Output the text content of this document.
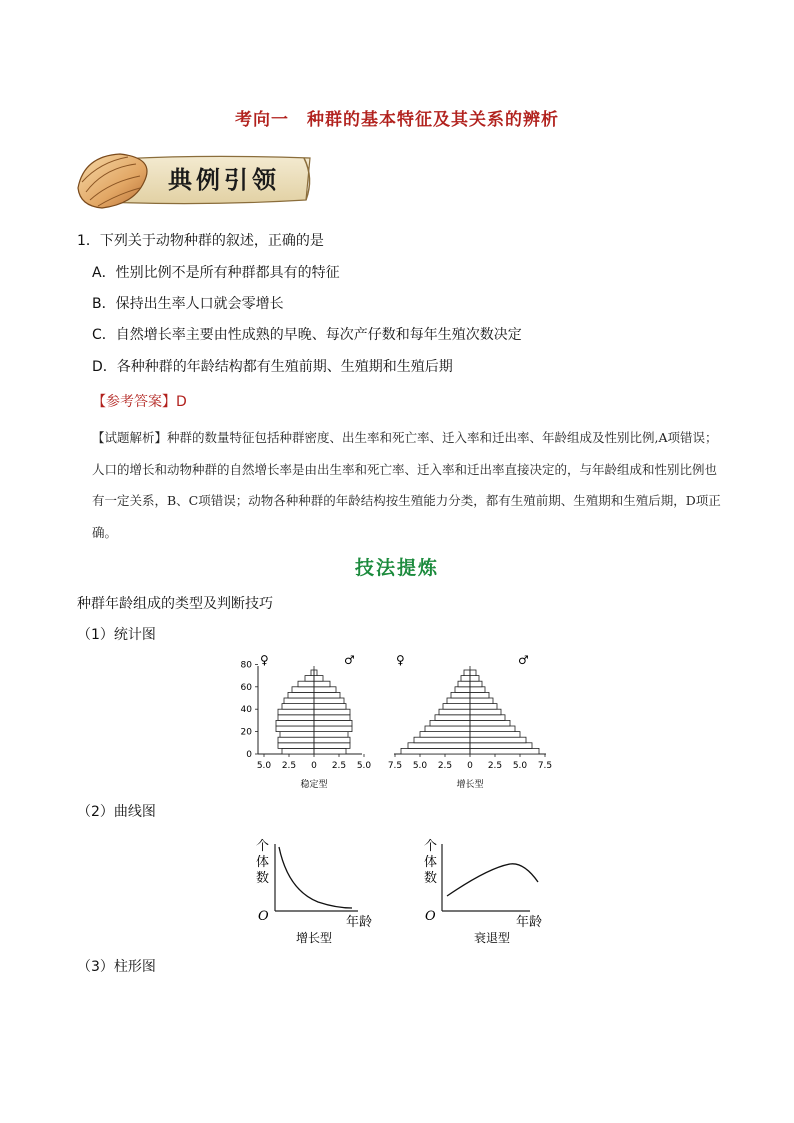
考向一　种群的基本特征及其关系的辨析
典例引领
1．下列关于动物种群的叙述，正确的是
A．性别比例不是所有种群都具有的特征
B．保持出生率人口就会零增长
C．自然增长率主要由性成熟的早晚、每次产仔数和每年生殖次数决定
D．各种种群的年龄结构都有生殖前期、生殖期和生殖后期
【参考答案】D
【试题解析】种群的数量特征包括种群密度、出生率和死亡率、迁入率和迁出率、年龄组成及性别比例,A项错误；人口的增长和动物种群的自然增长率是由出生率和死亡率、迁入率和迁出率直接决定的，与年龄组成和性别比例也有一定关系，B、C项错误；动物各种种群的年龄结构按生殖能力分类，都有生殖前期、生殖期和生殖后期，D项正确。
技法提炼
种群年龄组成的类型及判断技巧
（1）统计图
♀	♂
0
20
40
60
80
5.0 2.5 0 2.5 5.0
稳定型
♀	♂
7.5 5.0 2.5 0 2.5 5.0 7.5
增长型
（2）曲线图
个
体
数
O	年龄
增长型
个
体
数
O	年龄
衰退型
（3）柱形图
